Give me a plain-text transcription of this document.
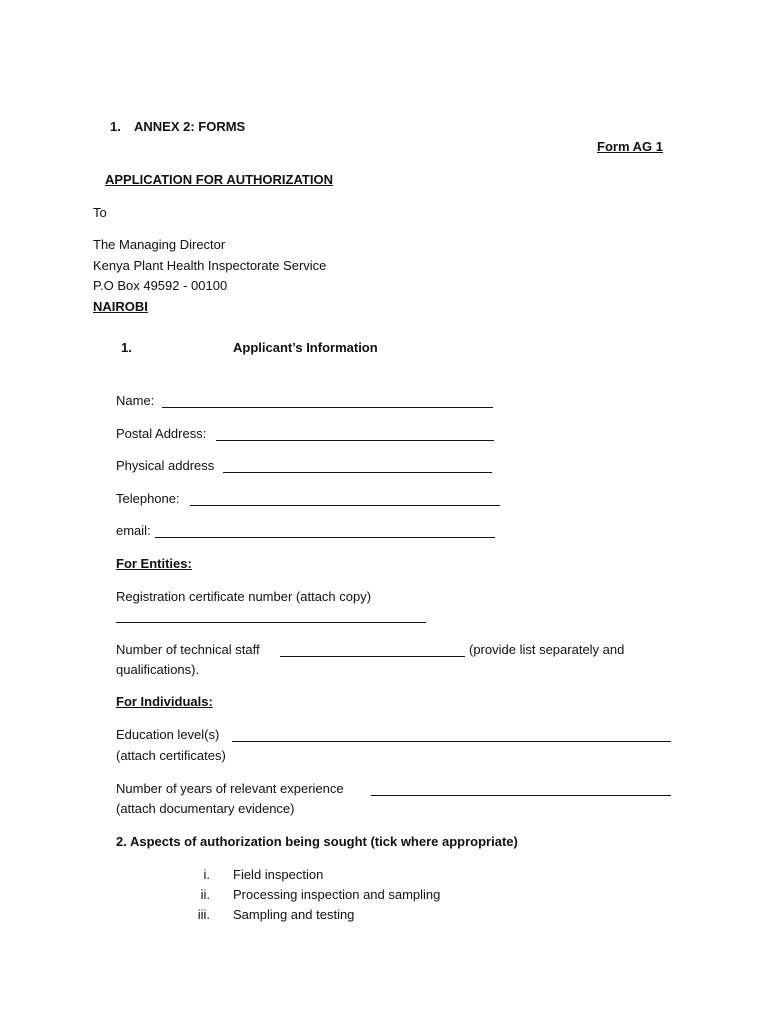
1. ANNEX 2: FORMS
Form AG 1
APPLICATION FOR AUTHORIZATION
To
The Managing Director
Kenya Plant Health Inspectorate Service
P.O Box 49592 - 00100
NAIROBI
1.	Applicant’s Information
Name:
Postal Address:
Physical address
Telephone:
email:
For Entities:
Registration certificate number (attach copy)
Number of technical staff	(provide list separately and
qualifications).
For Individuals:
Education level(s)
(attach certificates)
Number of years of relevant experience
(attach documentary evidence)
2. Aspects of authorization being sought (tick where appropriate)
i. Field inspection
ii. Processing inspection and sampling
iii. Sampling and testing
